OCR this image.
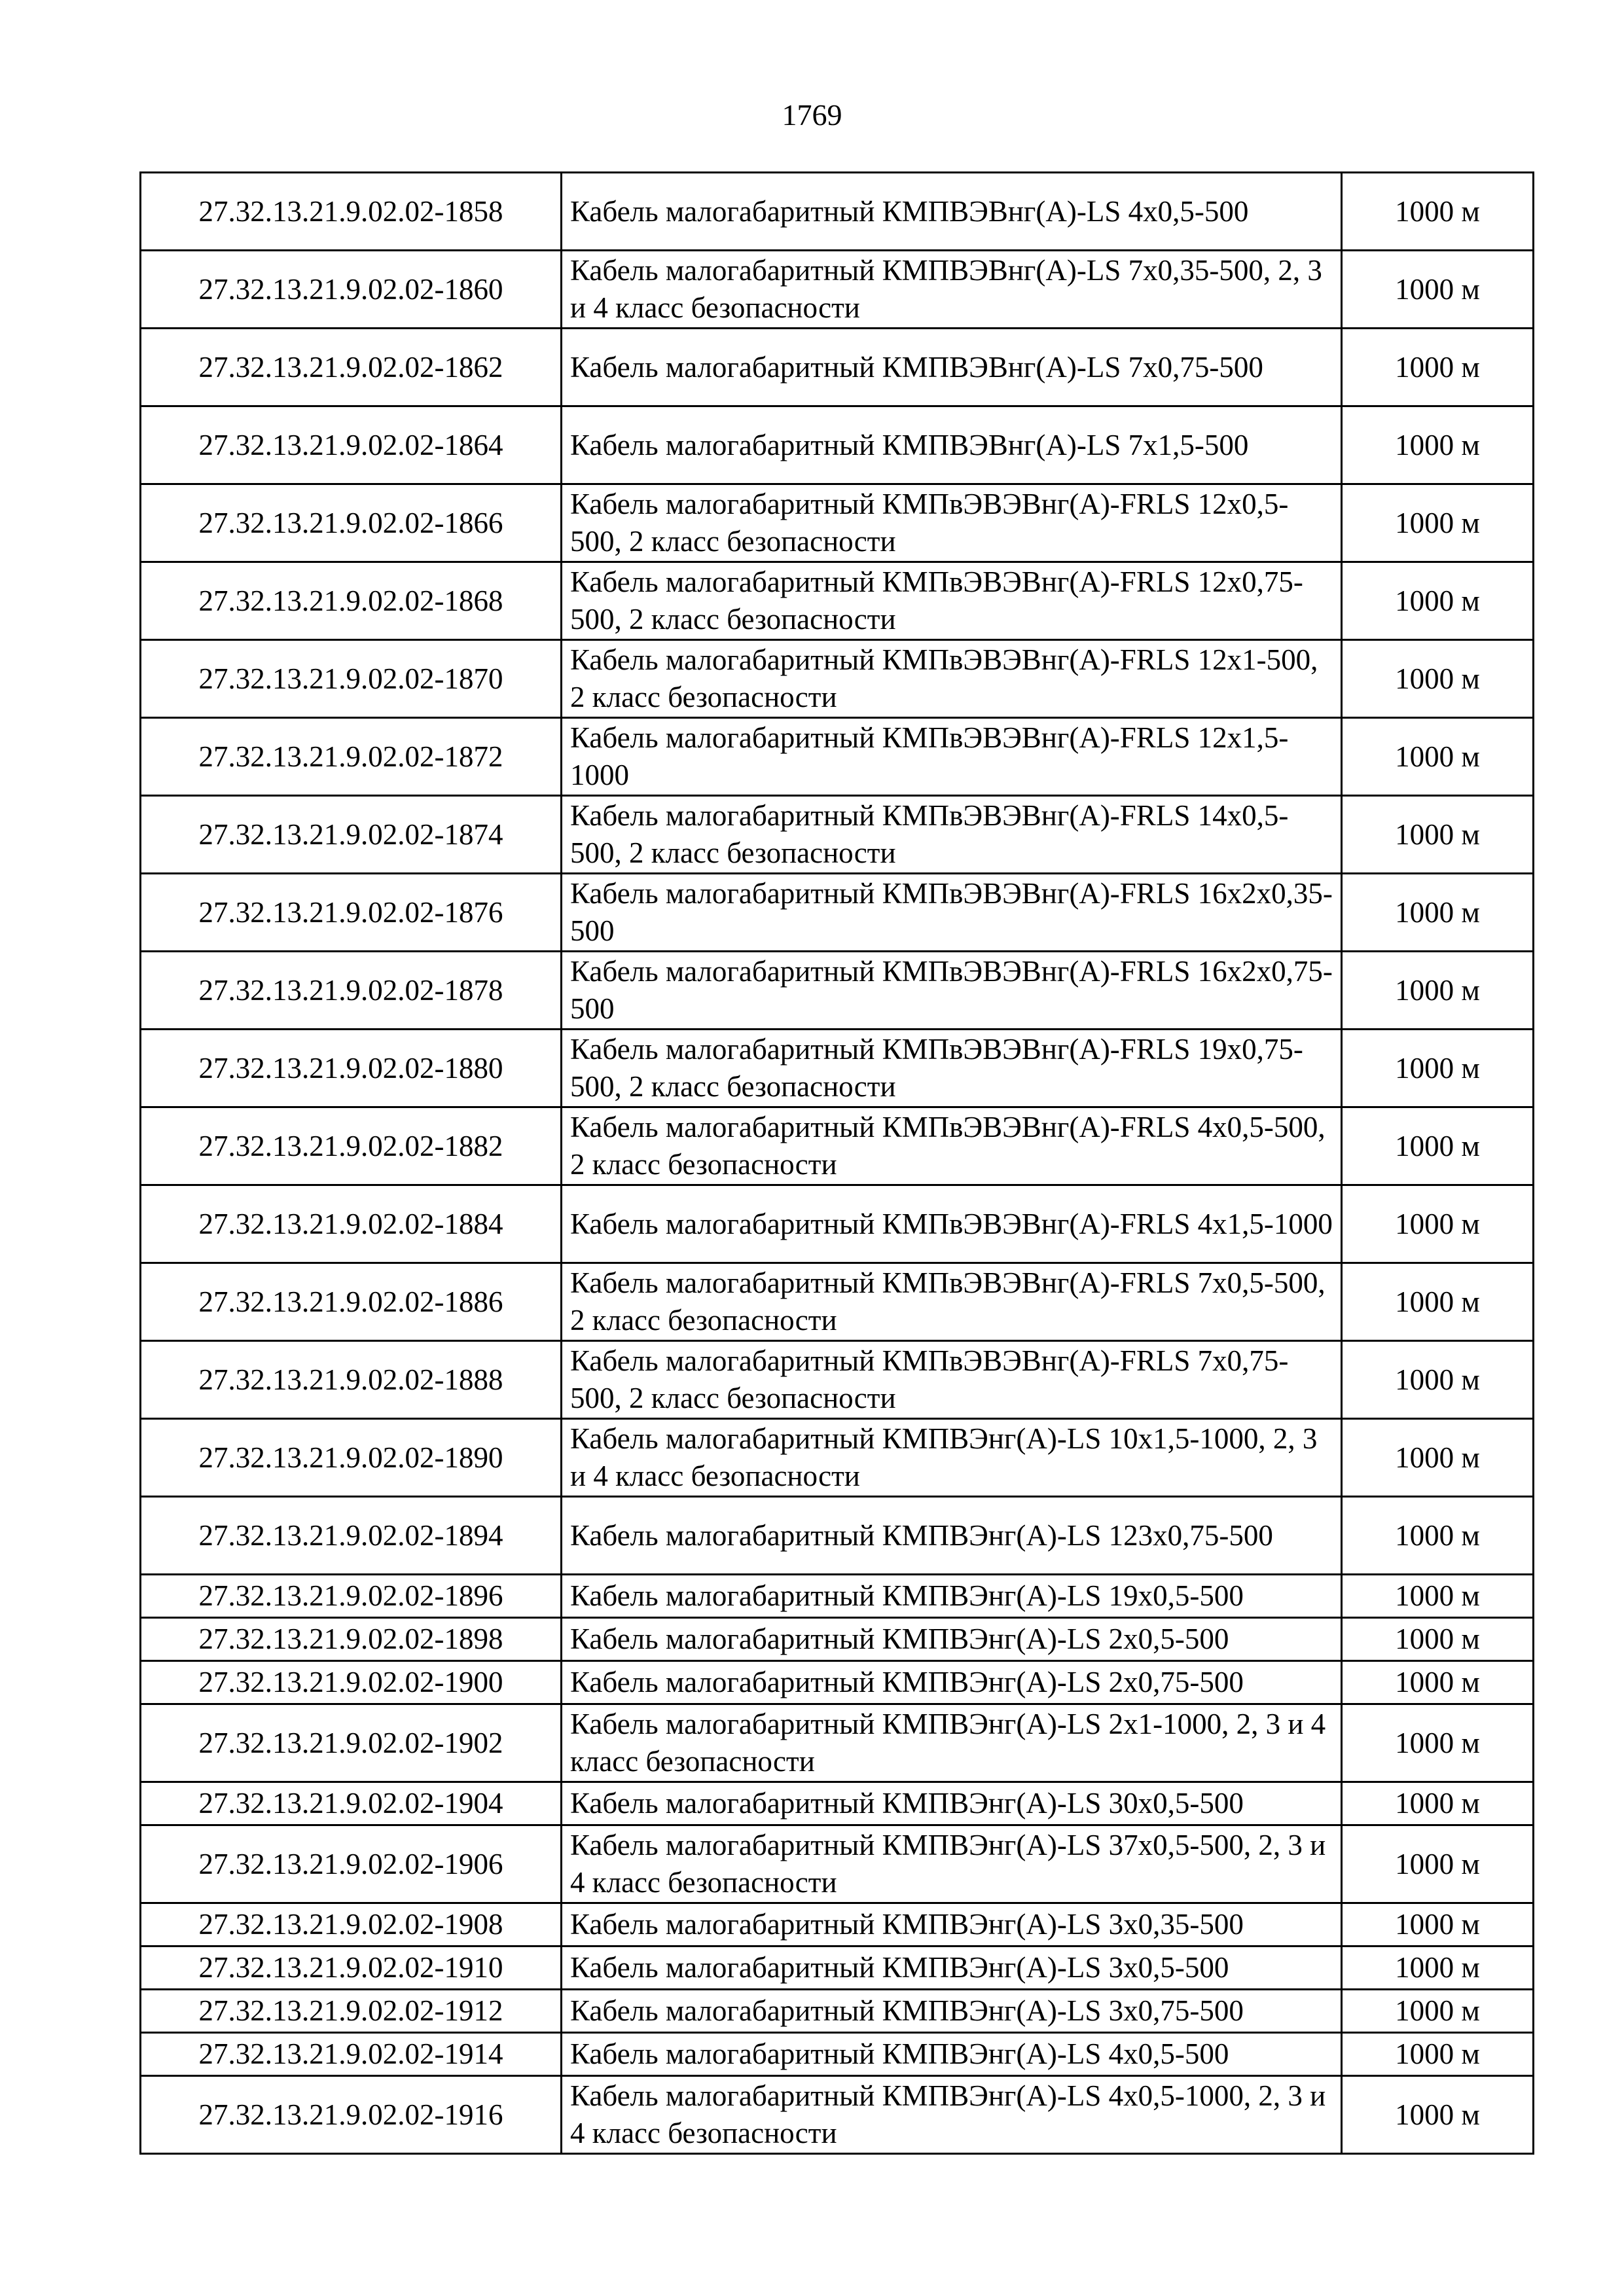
1769
27.32.13.21.9.02.02-1858	Кабель малогабаритный КМПВЭВнг(А)-LS 4х0,5-500	1000 м
27.32.13.21.9.02.02-1860	Кабель малогабаритный КМПВЭВнг(А)-LS 7х0,35-500, 2, 3 и 4 класс безопасности	1000 м
27.32.13.21.9.02.02-1862	Кабель малогабаритный КМПВЭВнг(А)-LS 7х0,75-500	1000 м
27.32.13.21.9.02.02-1864	Кабель малогабаритный КМПВЭВнг(А)-LS 7х1,5-500	1000 м
27.32.13.21.9.02.02-1866	Кабель малогабаритный КМПвЭВЭВнг(А)-FRLS 12х0,5-500, 2 класс безопасности	1000 м
27.32.13.21.9.02.02-1868	Кабель малогабаритный КМПвЭВЭВнг(А)-FRLS 12х0,75-500, 2 класс безопасности	1000 м
27.32.13.21.9.02.02-1870	Кабель малогабаритный КМПвЭВЭВнг(А)-FRLS 12х1-500, 2 класс безопасности	1000 м
27.32.13.21.9.02.02-1872	Кабель малогабаритный КМПвЭВЭВнг(А)-FRLS 12х1,5-1000	1000 м
27.32.13.21.9.02.02-1874	Кабель малогабаритный КМПвЭВЭВнг(А)-FRLS 14х0,5-500, 2 класс безопасности	1000 м
27.32.13.21.9.02.02-1876	Кабель малогабаритный КМПвЭВЭВнг(А)-FRLS 16х2х0,35-500	1000 м
27.32.13.21.9.02.02-1878	Кабель малогабаритный КМПвЭВЭВнг(А)-FRLS 16х2х0,75-500	1000 м
27.32.13.21.9.02.02-1880	Кабель малогабаритный КМПвЭВЭВнг(А)-FRLS 19х0,75-500, 2 класс безопасности	1000 м
27.32.13.21.9.02.02-1882	Кабель малогабаритный КМПвЭВЭВнг(А)-FRLS 4х0,5-500, 2 класс безопасности	1000 м
27.32.13.21.9.02.02-1884	Кабель малогабаритный КМПвЭВЭВнг(А)-FRLS 4х1,5-1000	1000 м
27.32.13.21.9.02.02-1886	Кабель малогабаритный КМПвЭВЭВнг(А)-FRLS 7х0,5-500, 2 класс безопасности	1000 м
27.32.13.21.9.02.02-1888	Кабель малогабаритный КМПвЭВЭВнг(А)-FRLS 7х0,75-500, 2 класс безопасности	1000 м
27.32.13.21.9.02.02-1890	Кабель малогабаритный КМПВЭнг(А)-LS 10х1,5-1000, 2, 3 и 4 класс безопасности	1000 м
27.32.13.21.9.02.02-1894	Кабель малогабаритный КМПВЭнг(А)-LS 123х0,75-500	1000 м
27.32.13.21.9.02.02-1896	Кабель малогабаритный КМПВЭнг(А)-LS 19х0,5-500	1000 м
27.32.13.21.9.02.02-1898	Кабель малогабаритный КМПВЭнг(А)-LS 2х0,5-500	1000 м
27.32.13.21.9.02.02-1900	Кабель малогабаритный КМПВЭнг(А)-LS 2х0,75-500	1000 м
27.32.13.21.9.02.02-1902	Кабель малогабаритный КМПВЭнг(А)-LS 2х1-1000, 2, 3 и 4 класс безопасности	1000 м
27.32.13.21.9.02.02-1904	Кабель малогабаритный КМПВЭнг(А)-LS 30х0,5-500	1000 м
27.32.13.21.9.02.02-1906	Кабель малогабаритный КМПВЭнг(А)-LS 37х0,5-500, 2, 3 и 4 класс безопасности	1000 м
27.32.13.21.9.02.02-1908	Кабель малогабаритный КМПВЭнг(А)-LS 3х0,35-500	1000 м
27.32.13.21.9.02.02-1910	Кабель малогабаритный КМПВЭнг(А)-LS 3х0,5-500	1000 м
27.32.13.21.9.02.02-1912	Кабель малогабаритный КМПВЭнг(А)-LS 3х0,75-500	1000 м
27.32.13.21.9.02.02-1914	Кабель малогабаритный КМПВЭнг(А)-LS 4х0,5-500	1000 м
27.32.13.21.9.02.02-1916	Кабель малогабаритный КМПВЭнг(А)-LS 4х0,5-1000, 2, 3 и 4 класс безопасности	1000 м
